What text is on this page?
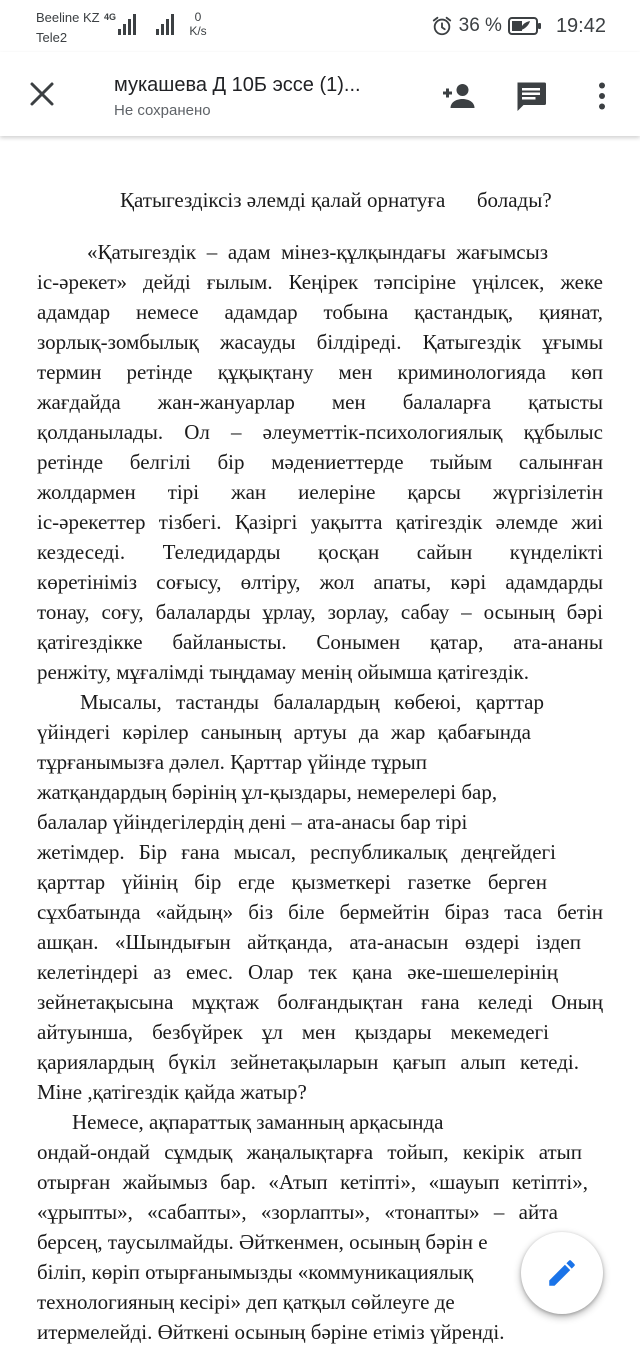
Beeline KZ
Tele2
4G	0
K/s	36 %	19:42
мукашева Д 10Б эссе (1)...
Не сохранено
Қатыгездіксіз әлемді қалай орнатуға      болады?
«Қатыгездік – адам мінез-құлқындағы жағымсыз
іс-әрекет» дейді ғылым. Кеңірек тәпсіріне үңілсек, жеке
адамдар немесе адамдар тобына қастандық, қиянат,
зорлық-зомбылық жасауды білдіреді. Қатыгездік ұғымы
термин ретінде құқықтану мен криминологияда көп
жағдайда жан-жануарлар мен балаларға қатысты
қолданылады. Ол – әлеуметтік-психологиялық құбылыс
ретінде белгілі бір мәдениеттерде тыйым салынған
жолдармен тірі жан иелеріне қарсы жүргізілетін
іс-әрекеттер тізбегі. Қазіргі уақытта қатігездік әлемде жиі
кездеседі. Теледидарды қосқан сайын күнделікті
көретініміз соғысу, өлтіру, жол апаты, кәрі адамдарды
тонау, соғу, балаларды ұрлау, зорлау, сабау – осының бәрі
қатігездікке байланысты. Сонымен қатар, ата-ананы
ренжіту, мұғалімді тыңдамау менің ойымша қатігездік.
Мысалы, тастанды балалардың көбеюі, қарттар
үйіндегі кәрілер санының артуы да жар қабағында
тұрғанымызға дәлел. Қарттар үйінде тұрып
жатқандардың бәрінің ұл-қыздары, немерелері бар,
балалар үйіндегілердің дені – ата-анасы бар тірі
жетімдер. Бір ғана мысал, республикалық деңгейдегі
қарттар үйінің бір егде қызметкері газетке берген
сұхбатында «айдың» біз біле бермейтін біраз таса бетін
ашқан. «Шындығын айтқанда, ата-анасын өздері іздеп
келетіндері аз емес. Олар тек қана әке-шешелерінің
зейнетақысына мұқтаж болғандықтан ғана келеді Оның
айтуынша, безбүйрек ұл мен қыздары мекемедегі
қариялардың бүкіл зейнетақыларын қағып алып кетеді.
Міне ,қатігездік қайда жатыр?
Немесе, ақпараттық заманның арқасында
ондай-ондай сұмдық жаңалықтарға тойып, кекірік атып
отырған жайымыз бар. «Атып кетіпті», «шауып кетіпті»,
«ұрыпты», «сабапты», «зорлапты», «тонапты» – айта
берсең, таусылмайды. Әйткенмен, осының бәрін е
біліп, көріп отырғанымызды «коммуникациялық
технологияның кесірі» деп қатқыл сөйлеуге де
итермелейді. Өйткені осының бәріне етіміз үйренді.
